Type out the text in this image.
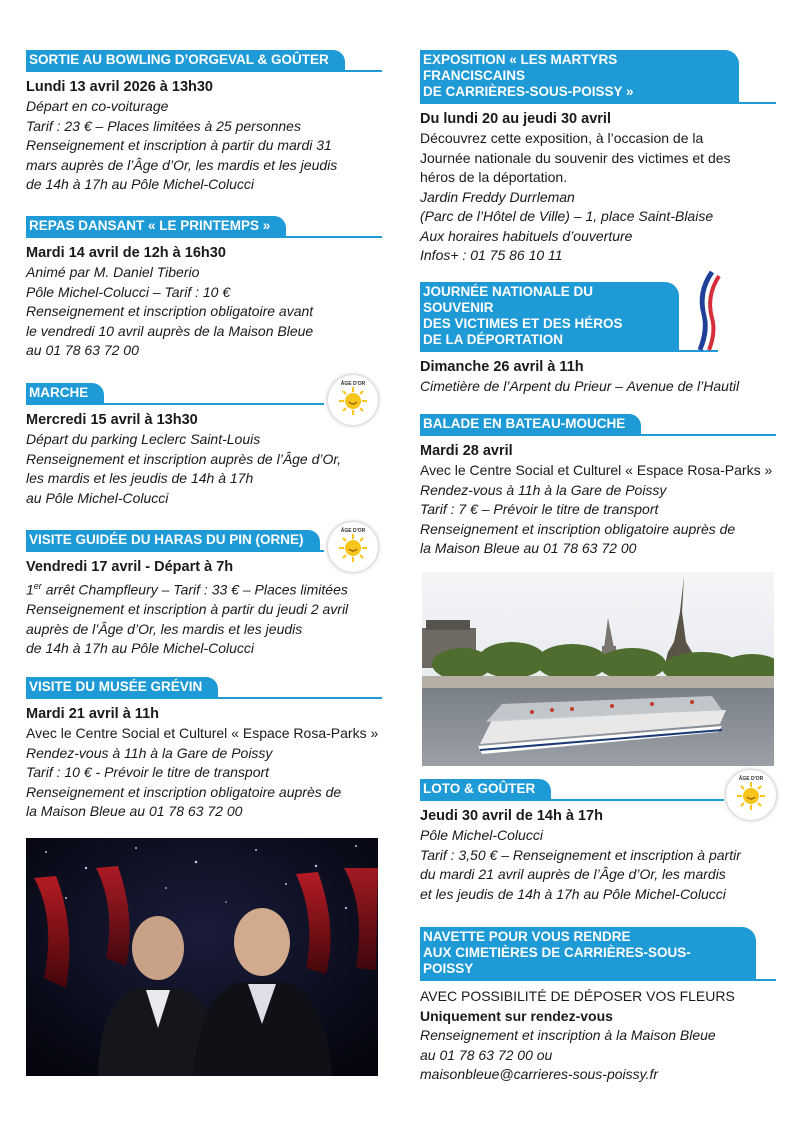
SORTIE AU BOWLING D’ORGEVAL & GOÛTER
Lundi 13 avril 2026 à 13h30
Départ en co-voiturage
Tarif : 23 € – Places limitées à 25 personnes
Renseignement et inscription à partir du mardi 31
mars auprès de l’Âge d’Or, les mardis et les jeudis
de 14h à 17h au Pôle Michel-Colucci
REPAS DANSANT « LE PRINTEMPS »
Mardi 14 avril de 12h à 16h30
Animé par M. Daniel Tiberio
Pôle Michel-Colucci – Tarif : 10 €
Renseignement et inscription obligatoire avant
le vendredi 10 avril auprès de la Maison Bleue
au 01 78 63 72 00
MARCHE
Mercredi 15 avril à 13h30
Départ du parking Leclerc Saint-Louis
Renseignement et inscription auprès de l’Âge d’Or,
les mardis et les jeudis de 14h à 17h
au Pôle Michel-Colucci
VISITE GUIDÉE DU HARAS DU PIN (ORNE)
Vendredi 17 avril - Départ à 7h
1er arrêt Champfleury – Tarif : 33 € – Places limitées
Renseignement et inscription à partir du jeudi 2 avril
auprès de l’Âge d’Or, les mardis et les jeudis
de 14h à 17h au Pôle Michel-Colucci
VISITE DU MUSÉE GRÉVIN
Mardi 21 avril à 11h
Avec le Centre Social et Culturel « Espace Rosa-Parks »
Rendez-vous à 11h à la Gare de Poissy
Tarif : 10 € - Prévoir le titre de transport
Renseignement et inscription obligatoire auprès de
la Maison Bleue au 01 78 63 72 00
ÂGE D'OR
ÂGE D'OR
EXPOSITION « LES MARTYRS FRANCISCAINS
DE CARRIÈRES-SOUS-POISSY »
Du lundi 20 au jeudi 30 avril
Découvrez cette exposition, à l’occasion de la
Journée nationale du souvenir des victimes et des
héros de la déportation.
Jardin Freddy Durrleman
(Parc de l’Hôtel de Ville) – 1, place Saint-Blaise
Aux horaires habituels d’ouverture
Infos+ : 01 75 86 10 11
JOURNÉE NATIONALE DU SOUVENIR
DES VICTIMES ET DES HÉROS
DE LA DÉPORTATION
Dimanche 26 avril à 11h
Cimetière de l’Arpent du Prieur – Avenue de l’Hautil
BALADE EN BATEAU-MOUCHE
Mardi 28 avril
Avec le Centre Social et Culturel « Espace Rosa-Parks »
Rendez-vous à 11h à la Gare de Poissy
Tarif : 7 € – Prévoir le titre de transport
Renseignement et inscription obligatoire auprès de
la Maison Bleue au 01 78 63 72 00
LOTO & GOÛTER
Jeudi 30 avril de 14h à 17h
Pôle Michel-Colucci
Tarif : 3,50 € – Renseignement et inscription à partir
du mardi 21 avril auprès de l’Âge d’Or, les mardis
et les jeudis de 14h à 17h au Pôle Michel-Colucci
NAVETTE POUR VOUS RENDRE
AUX CIMETIÈRES DE CARRIÈRES-SOUS-POISSY
AVEC POSSIBILITÉ DE DÉPOSER VOS FLEURS
Uniquement sur rendez-vous
Renseignement et inscription à la Maison Bleue
au 01 78 63 72 00 ou
maisonbleue@carrieres-sous-poissy.fr
ÂGE D'OR
